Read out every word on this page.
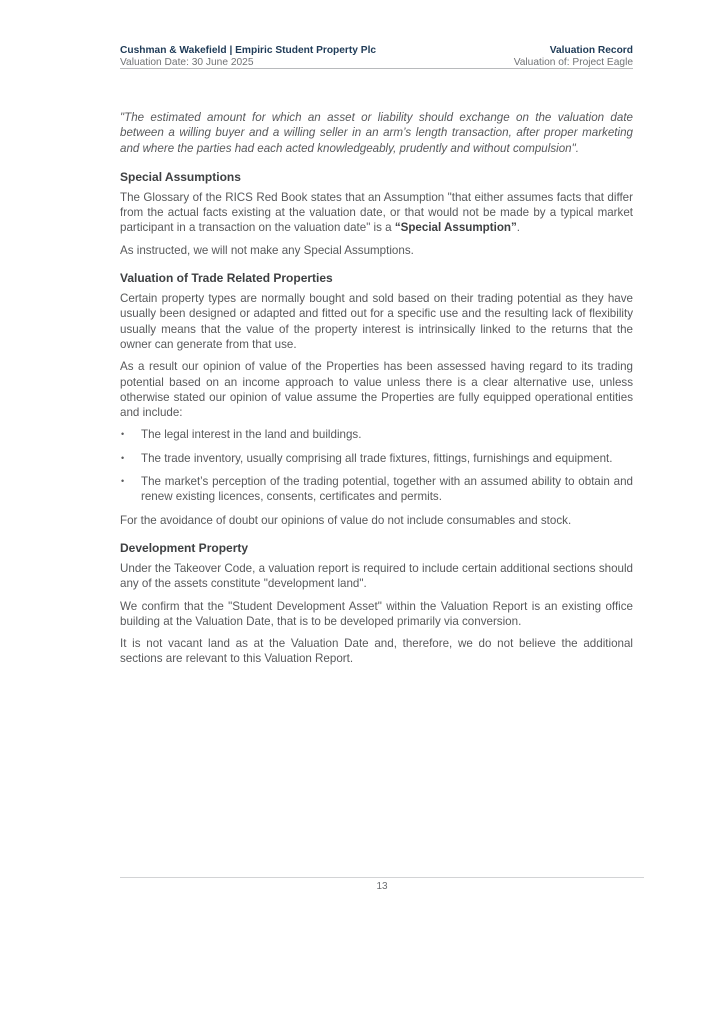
Cushman & Wakefield | Empiric Student Property Plc	Valuation Record
Valuation Date: 30 June 2025	Valuation of: Project Eagle

"The estimated amount for which an asset or liability should exchange on the valuation date between a willing buyer and a willing seller in an arm’s length transaction, after proper marketing and where the parties had each acted knowledgeably, prudently and without compulsion".

Special Assumptions

The Glossary of the RICS Red Book states that an Assumption "that either assumes facts that differ from the actual facts existing at the valuation date, or that would not be made by a typical market participant in a transaction on the valuation date" is a “Special Assumption”.

As instructed, we will not make any Special Assumptions.

Valuation of Trade Related Properties

Certain property types are normally bought and sold based on their trading potential as they have usually been designed or adapted and fitted out for a specific use and the resulting lack of flexibility usually means that the value of the property interest is intrinsically linked to the returns that the owner can generate from that use.

As a result our opinion of value of the Properties has been assessed having regard to its trading potential based on an income approach to value unless there is a clear alternative use, unless otherwise stated our opinion of value assume the Properties are fully equipped operational entities and include:

• The legal interest in the land and buildings.
• The trade inventory, usually comprising all trade fixtures, fittings, furnishings and equipment.
• The market’s perception of the trading potential, together with an assumed ability to obtain and renew existing licences, consents, certificates and permits.

For the avoidance of doubt our opinions of value do not include consumables and stock.

Development Property

Under the Takeover Code, a valuation report is required to include certain additional sections should any of the assets constitute "development land".

We confirm that the "Student Development Asset" within the Valuation Report is an existing office building at the Valuation Date, that is to be developed primarily via conversion.

It is not vacant land as at the Valuation Date and, therefore, we do not believe the additional sections are relevant to this Valuation Report.

13
